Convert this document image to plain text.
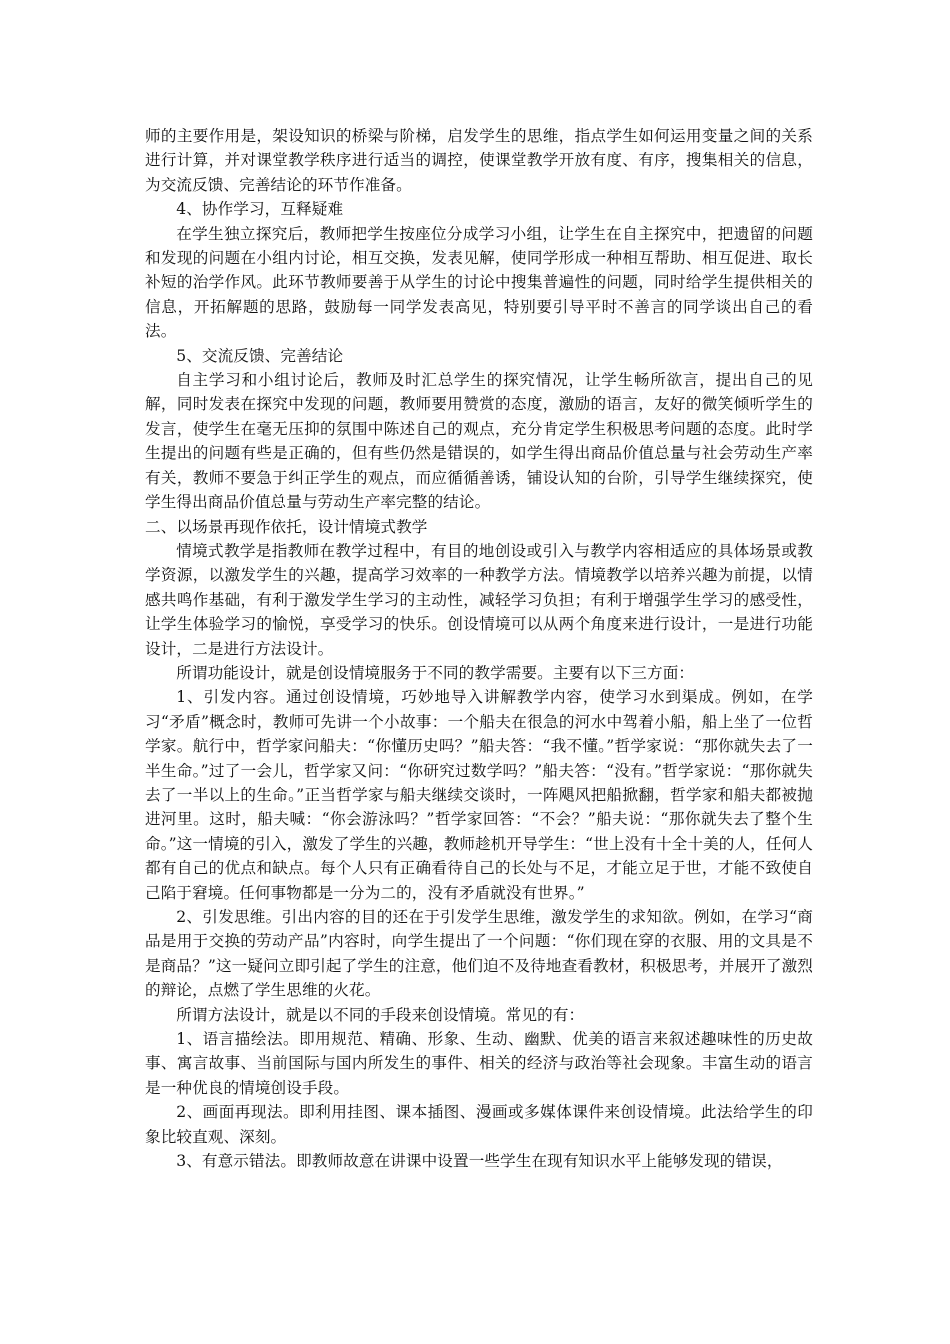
师的主要作用是，架设知识的桥梁与阶梯，启发学生的思维，指点学生如何运用变量之间的关系进行计算，并对课堂教学秩序进行适当的调控，使课堂教学开放有度、有序，搜集相关的信息，为交流反馈、完善结论的环节作准备。

4、协作学习，互释疑难

在学生独立探究后，教师把学生按座位分成学习小组，让学生在自主探究中，把遗留的问题和发现的问题在小组内讨论，相互交换，发表见解，使同学形成一种相互帮助、相互促进、取长补短的治学作风。此环节教师要善于从学生的讨论中搜集普遍性的问题，同时给学生提供相关的信息，开拓解题的思路，鼓励每一同学发表高见，特别要引导平时不善言的同学谈出自己的看法。

5、交流反馈、完善结论

自主学习和小组讨论后，教师及时汇总学生的探究情况，让学生畅所欲言，提出自己的见解，同时发表在探究中发现的问题，教师要用赞赏的态度，激励的语言，友好的微笑倾听学生的发言，使学生在毫无压抑的氛围中陈述自己的观点，充分肯定学生积极思考问题的态度。此时学生提出的问题有些是正确的，但有些仍然是错误的，如学生得出商品价值总量与社会劳动生产率有关，教师不要急于纠正学生的观点，而应循循善诱，铺设认知的台阶，引导学生继续探究，使学生得出商品价值总量与劳动生产率完整的结论。

二、以场景再现作依托，设计情境式教学

情境式教学是指教师在教学过程中，有目的地创设或引入与教学内容相适应的具体场景或教学资源，以激发学生的兴趣，提高学习效率的一种教学方法。情境教学以培养兴趣为前提，以情感共鸣作基础，有利于激发学生学习的主动性，减轻学习负担；有利于增强学生学习的感受性，让学生体验学习的愉悦，享受学习的快乐。创设情境可以从两个角度来进行设计，一是进行功能设计，二是进行方法设计。

所谓功能设计，就是创设情境服务于不同的教学需要。主要有以下三方面：

1、引发内容。通过创设情境，巧妙地导入讲解教学内容，使学习水到渠成。例如，在学习“矛盾”概念时，教师可先讲一个小故事：一个船夫在很急的河水中驾着小船，船上坐了一位哲学家。航行中，哲学家问船夫：“你懂历史吗？”船夫答：“我不懂。”哲学家说：“那你就失去了一半生命。”过了一会儿，哲学家又问：“你研究过数学吗？”船夫答：“没有。”哲学家说：“那你就失去了一半以上的生命。”正当哲学家与船夫继续交谈时，一阵飓风把船掀翻，哲学家和船夫都被抛进河里。这时，船夫喊：“你会游泳吗？”哲学家回答：“不会？”船夫说：“那你就失去了整个生命。”这一情境的引入，激发了学生的兴趣，教师趁机开导学生：“世上没有十全十美的人，任何人都有自己的优点和缺点。每个人只有正确看待自己的长处与不足，才能立足于世，才能不致使自己陷于窘境。任何事物都是一分为二的，没有矛盾就没有世界。”

2、引发思维。引出内容的目的还在于引发学生思维，激发学生的求知欲。例如，在学习“商品是用于交换的劳动产品”内容时，向学生提出了一个问题：“你们现在穿的衣服、用的文具是不是商品？”这一疑问立即引起了学生的注意，他们迫不及待地查看教材，积极思考，并展开了激烈的辩论，点燃了学生思维的火花。

所谓方法设计，就是以不同的手段来创设情境。常见的有：

1、语言描绘法。即用规范、精确、形象、生动、幽默、优美的语言来叙述趣味性的历史故事、寓言故事、当前国际与国内所发生的事件、相关的经济与政治等社会现象。丰富生动的语言是一种优良的情境创设手段。

2、画面再现法。即利用挂图、课本插图、漫画或多媒体课件来创设情境。此法给学生的印象比较直观、深刻。

3、有意示错法。即教师故意在讲课中设置一些学生在现有知识水平上能够发现的错误，
